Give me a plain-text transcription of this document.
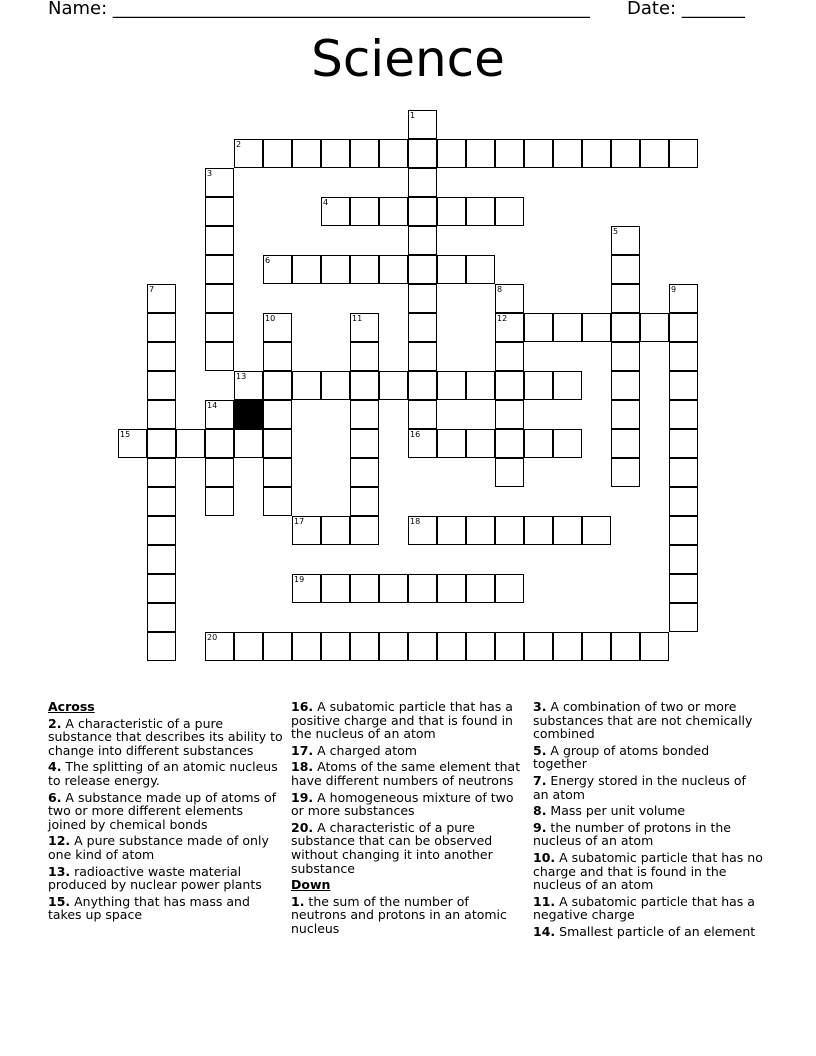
Name: _____________________________________________________ Date: _______
Science
1
16
2
3
4
5
6
7	8
12
9
10	11
13
14
15
17	18
19
20
Across
2. A characteristic of a pure substance that describes its ability to change into different substances
4. The splitting of an atomic nucleus to release energy.
6. A substance made up of atoms of two or more different elements joined by chemical bonds
12. A pure substance made of only one kind of atom
13. radioactive waste material produced by nuclear power plants
15. Anything that has mass and takes up space
16. A subatomic particle that has a positive charge and that is found in the nucleus of an atom
17. A charged atom
18. Atoms of the same element that have different numbers of neutrons
19. A homogeneous mixture of two or more substances
20. A characteristic of a pure substance that can be observed without changing it into another substance
Down
1. the sum of the number of neutrons and protons in an atomic nucleus
3. A combination of two or more substances that are not chemically combined
5. A group of atoms bonded together
7. Energy stored in the nucleus of an atom
8. Mass per unit volume
9. the number of protons in the nucleus of an atom
10. A subatomic particle that has no charge and that is found in the nucleus of an atom
11. A subatomic particle that has a negative charge
14. Smallest particle of an element
